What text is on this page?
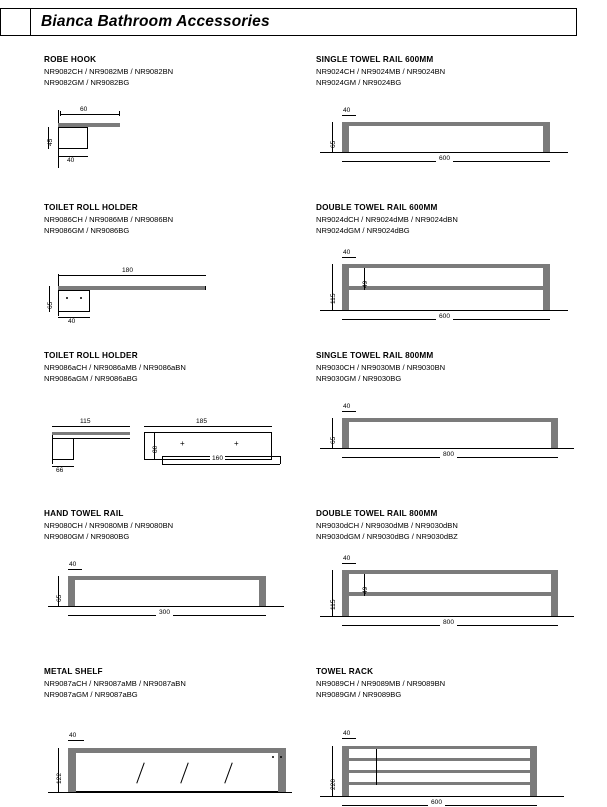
Bianca Bathroom Accessories
ROBE HOOK
NR9082CH / NR9082MB / NR9082BN
NR9082GM / NR9082BG
60
45
40
SINGLE TOWEL RAIL 600MM
NR9024CH / NR9024MB / NR9024BN
NR9024GM / NR9024BG
40
65
600
TOILET ROLL HOLDER
NR9086CH / NR9086MB / NR9086BN
NR9086GM / NR9086BG
180
65
40
DOUBLE TOWEL RAIL 600MM
NR9024dCH / NR9024dMB / NR9024dBN
NR9024dGM / NR9024dBG
40
115
49
600
TOILET ROLL HOLDER
NR9086aCH / NR9086aMB / NR9086aBN
NR9086aGM / NR9086aBG
115
66
+	+
185
80
160
SINGLE TOWEL RAIL 800MM
NR9030CH / NR9030MB / NR9030BN
NR9030GM / NR9030BG
40
65
800
HAND TOWEL RAIL
NR9080CH / NR9080MB / NR9080BN
NR9080GM / NR9080BG
40
65
300
DOUBLE TOWEL RAIL 800MM
NR9030dCH / NR9030dMB / NR9030dBN
NR9030dGM / NR9030dBG / NR9030dBZ
40
115
49
800
METAL SHELF
NR9087aCH / NR9087aMB / NR9087aBN
NR9087aGM / NR9087aBG
40
122
TOWEL RACK
NR9089CH / NR9089MB / NR9089BN
NR9089GM / NR9089BG
40
220
600
